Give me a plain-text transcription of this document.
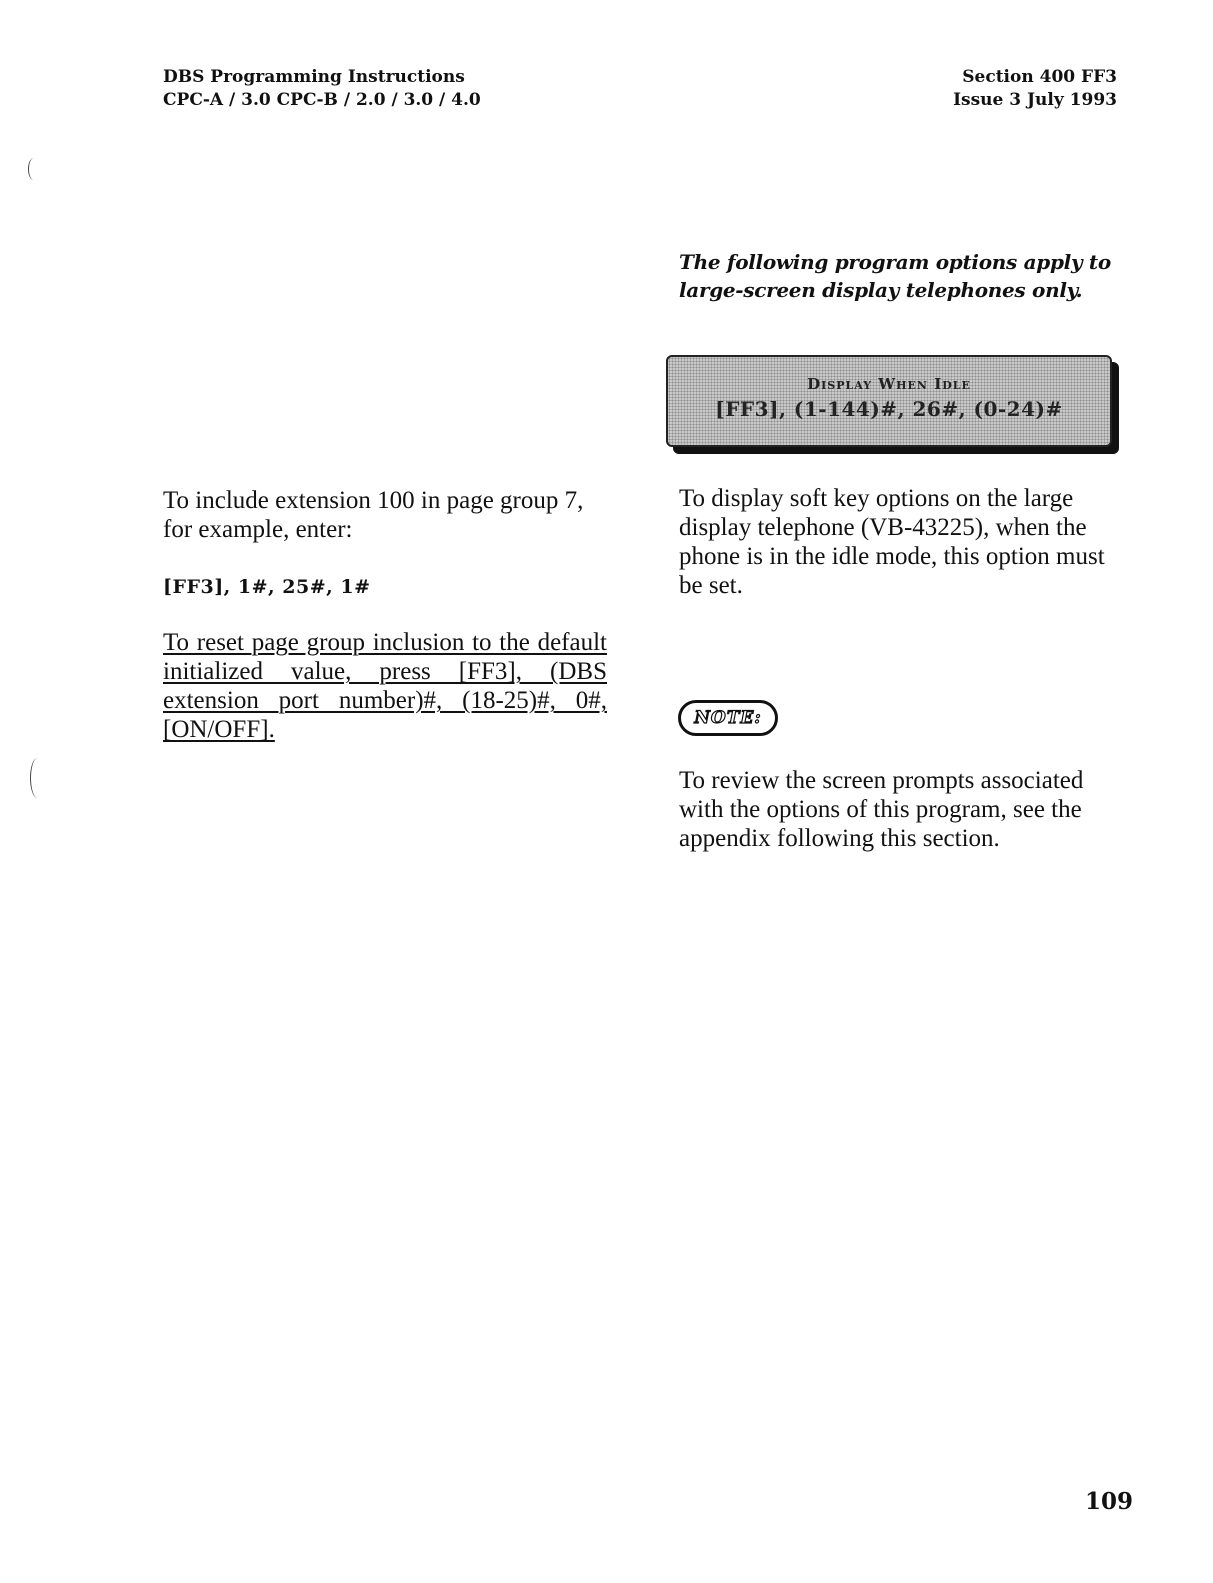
DBS Programming Instructions
CPC-A / 3.0 CPC-B / 2.0 / 3.0 / 4.0
Section 400 FF3
Issue 3 July 1993
The following program options apply to large-screen display telephones only.
Display When Idle
[FF3], (1-144)#, 26#, (0-24)#

To include extension 100 in page group 7, for example, enter:

[FF3], 1#, 25#, 1#

To reset page group inclusion to the default initialized value, press [FF3], (DBS extension port number)#, (18-25)#, 0#, [ON/OFF].

To display soft key options on the large display telephone (VB-43225), when the phone is in the idle mode, this option must be set.

NOTE:

To review the screen prompts associated with the options of this program, see the appendix following this section.

109
